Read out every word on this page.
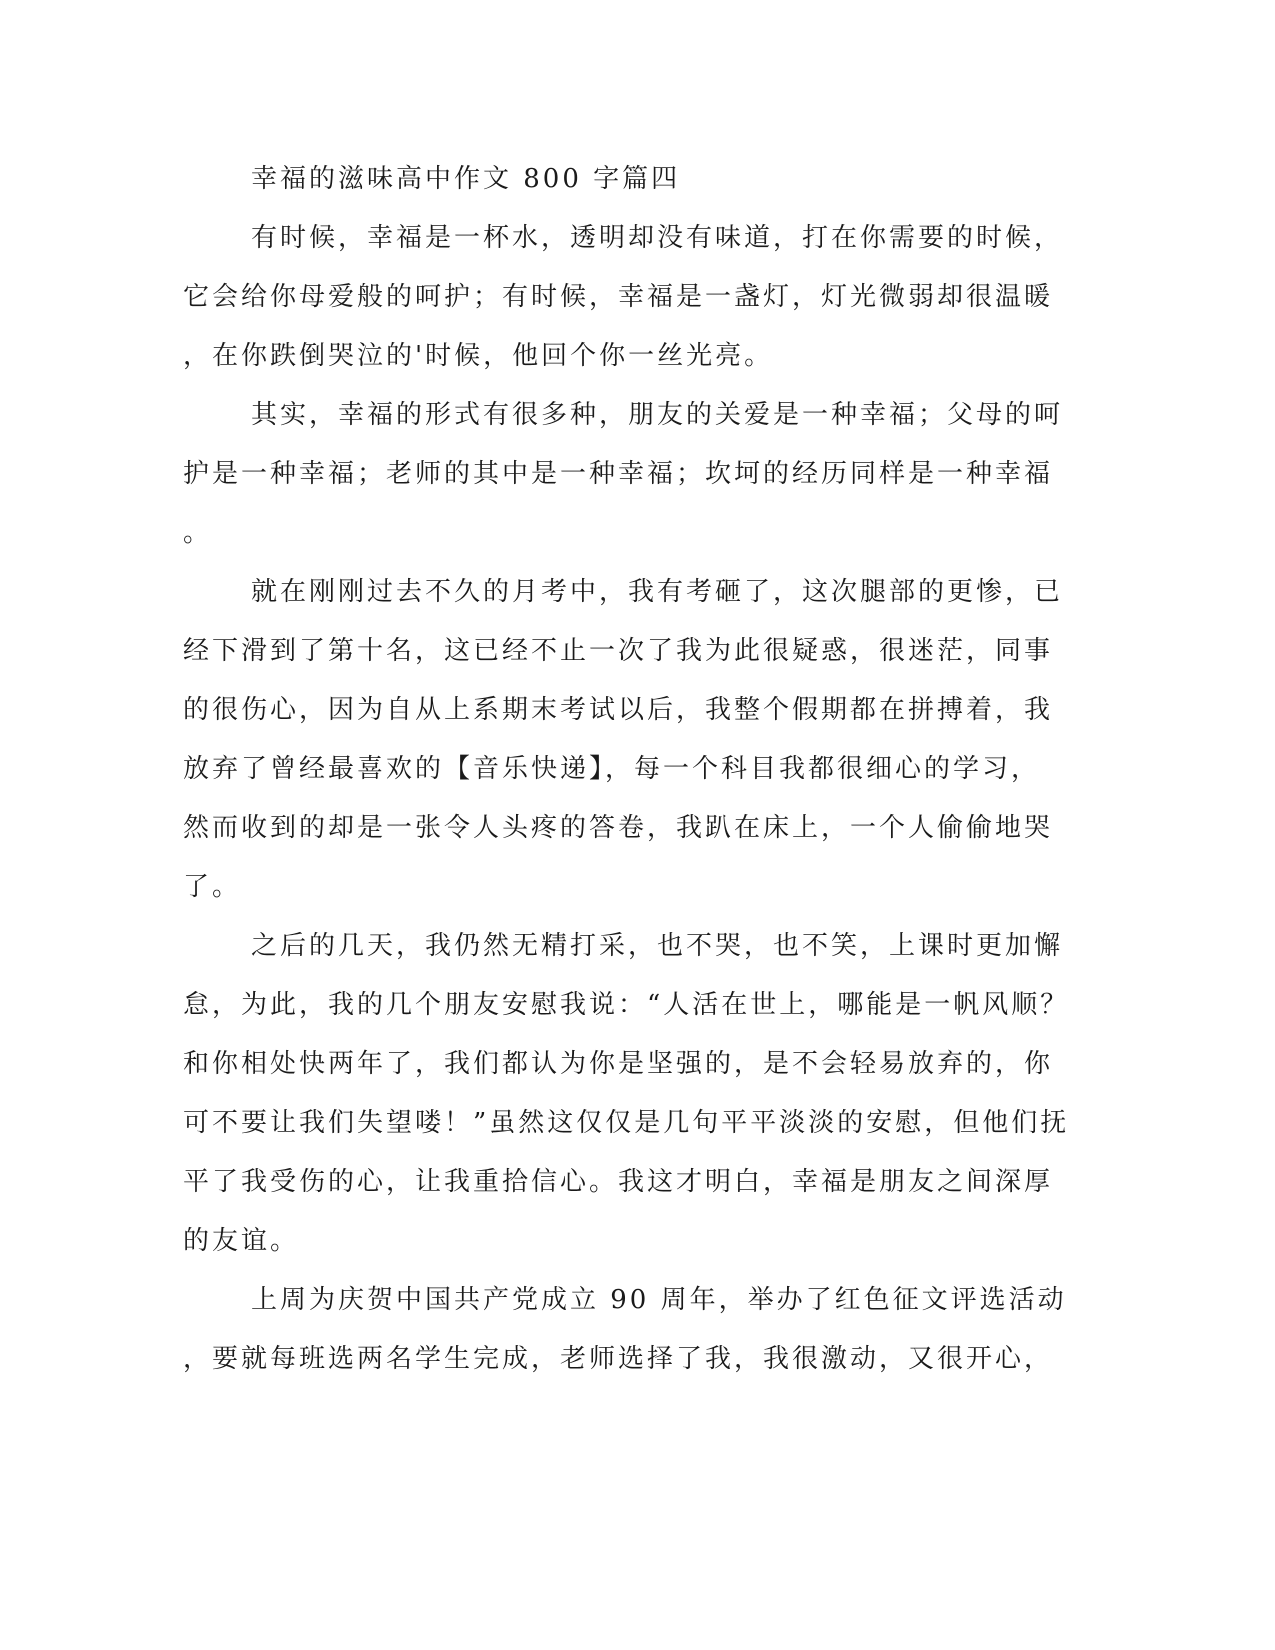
幸福的滋味高中作文 800 字篇四

有时候，幸福是一杯水，透明却没有味道，打在你需要的时候，
它会给你母爱般的呵护；有时候，幸福是一盏灯，灯光微弱却很温暖
，在你跌倒哭泣的'时候，他回个你一丝光亮。

其实，幸福的形式有很多种，朋友的关爱是一种幸福；父母的呵
护是一种幸福；老师的其中是一种幸福；坎坷的经历同样是一种幸福
。

就在刚刚过去不久的月考中，我有考砸了，这次腿部的更惨，已
经下滑到了第十名，这已经不止一次了我为此很疑惑，很迷茫，同事
的很伤心，因为自从上系期末考试以后，我整个假期都在拼搏着，我
放弃了曾经最喜欢的【音乐快递】，每一个科目我都很细心的学习，
然而收到的却是一张令人头疼的答卷，我趴在床上，一个人偷偷地哭
了。

之后的几天，我仍然无精打采，也不哭，也不笑，上课时更加懈
怠，为此，我的几个朋友安慰我说：“人活在世上，哪能是一帆风顺？
和你相处快两年了，我们都认为你是坚强的，是不会轻易放弃的，你
可不要让我们失望喽！”虽然这仅仅是几句平平淡淡的安慰，但他们抚
平了我受伤的心，让我重拾信心。我这才明白，幸福是朋友之间深厚
的友谊。

上周为庆贺中国共产党成立 90 周年，举办了红色征文评选活动
，要就每班选两名学生完成，老师选择了我，我很激动，又很开心，
